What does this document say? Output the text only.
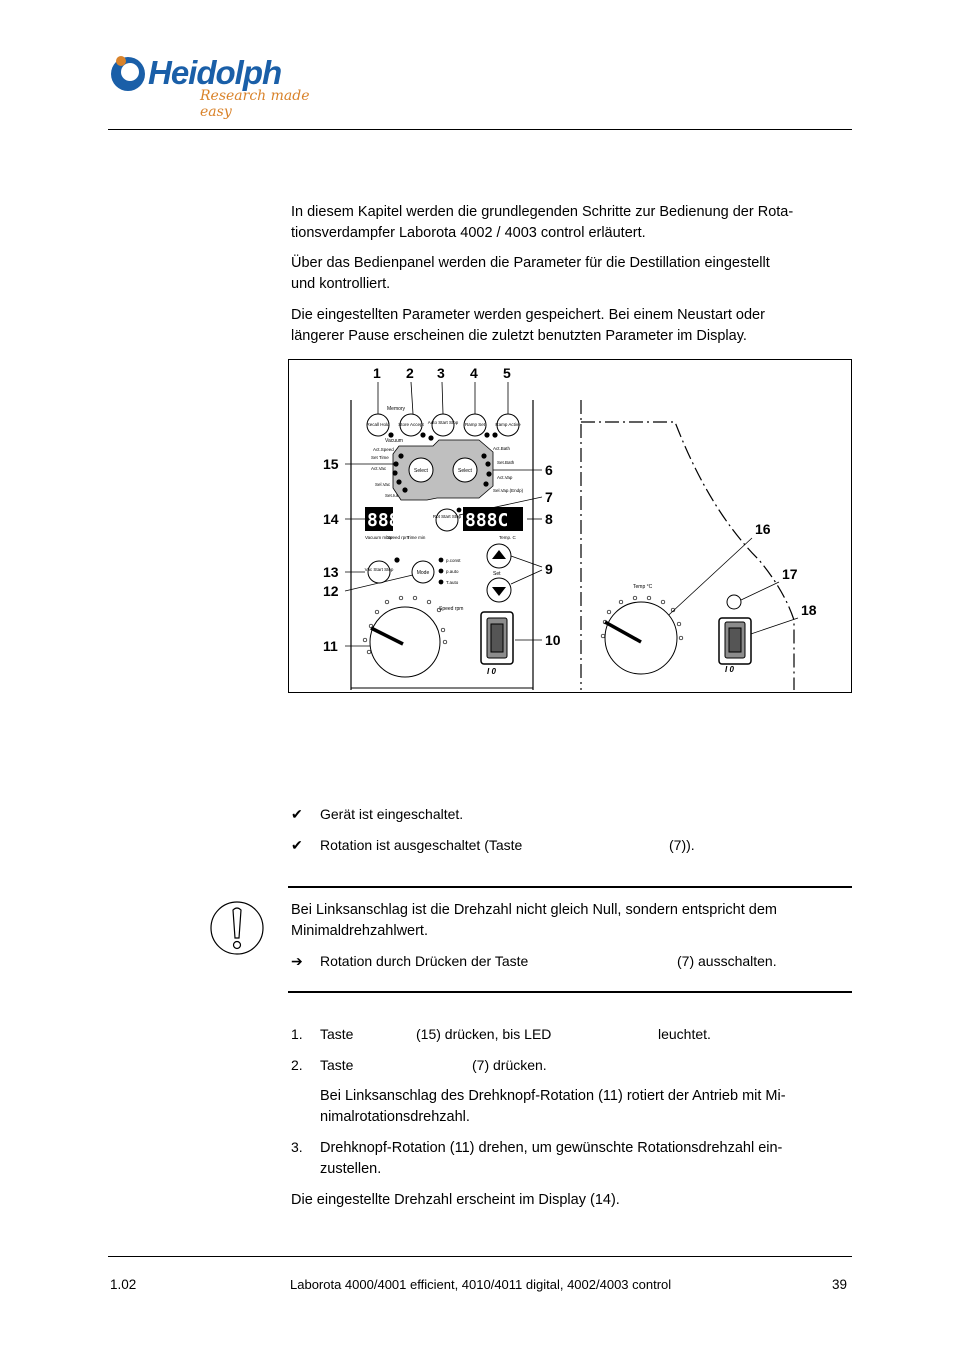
Heidolph
Research made easy
In diesem Kapitel werden die grundlegenden Schritte zur Bedienung der Rota-
tionsverdampfer Laborota 4002 / 4003 control erläutert.
Über das Bedienpanel werden die Parameter für die Destillation eingestellt
und kontrolliert.
Die eingestellten Parameter werden gespeichert. Bei einem Neustart oder
längerer Pause erscheinen die zuletzt benutzten Parameter im Display.
1 2 3 4 5
6
7
8
9
10
11
12
13
14
15
16
17
18
Memory
Recall Hold Store Accept Auto Start Stop Ramp Set Ramp Active
Vacuum
Select	Select
Act.Speed
Set Time
Act.Vac
Sel.Vac
Set.Iut
Act.Bath
Set.Bath
Act.Vap
Sel.Vap.(Endp)
Rot Start Stop
8888	888C
Vacuum mbar
Speed rpm
Time min	Temp. C
Vac Start Stop
Mode
p.const
p.auto
T.auto
Set
Speed rpm
I 0
Temp °C
I 0
✔ Gerät ist eingeschaltet.
✔ Rotation ist ausgeschaltet (Taste	(7)).
Bei Linksanschlag ist die Drehzahl nicht gleich Null, sondern entspricht dem
Minimaldrehzahlwert.
➔ Rotation durch Drücken der Taste	(7) ausschalten.
1. Taste	(15) drücken, bis LED	leuchtet.
2. Taste	(7) drücken.
Bei Linksanschlag des Drehknopf-Rotation (11) rotiert der Antrieb mit Mi-
nimalrotationsdrehzahl.
3. Drehknopf-Rotation (11) drehen, um gewünschte Rotationsdrehzahl ein-
zustellen.
Die eingestellte Drehzahl erscheint im Display (14).
1.02	Laborota 4000/4001 efficient, 4010/4011 digital, 4002/4003 control	39
